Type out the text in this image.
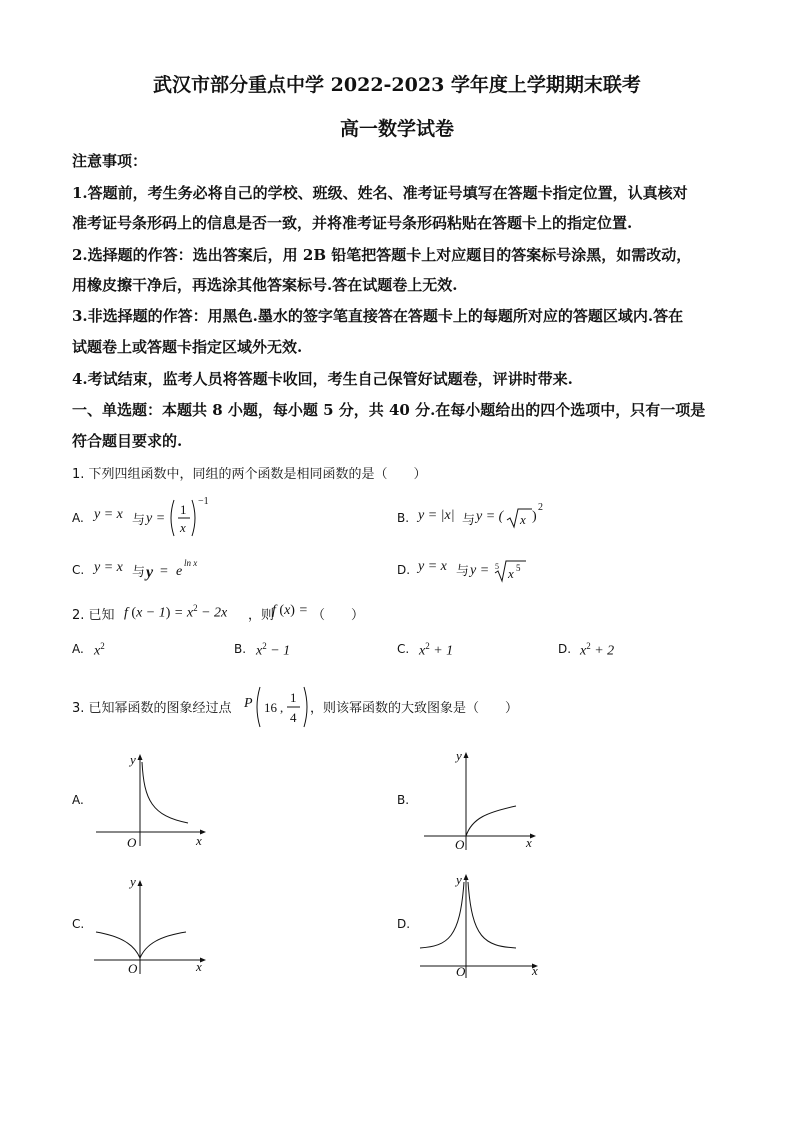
武汉市部分重点中学 2022-2023 学年度上学期期末联考
高一数学试卷
注意事项：
1.答题前，考生务必将自己的学校、班级、姓名、准考证号填写在答题卡指定位置，认真核对
准考证号条形码上的信息是否一致，并将准考证号条形码粘贴在答题卡上的指定位置.
2.选择题的作答：选出答案后，用 2B 铅笔把答题卡上对应题目的答案标号涂黑，如需改动，
用橡皮擦干净后，再选涂其他答案标号.答在试题卷上无效.
3.非选择题的作答：用黑色.墨水的签字笔直接答在答题卡上的每题所对应的答题区域内.答在
试题卷上或答题卡指定区域外无效.
4.考试结束，监考人员将答题卡收回，考生自己保管好试题卷，评讲时带来.
一、单选题：本题共 8 小题，每小题 5 分，共 40 分.在每小题给出的四个选项中，只有一项是
符合题目要求的.
1. 下列四组函数中，同组的两个函数是相同函数的是（　　）
A. y = x 与 y =
1
x
−1
B. y = |x| 与 y = ( x )
2
C. y = x 与 y = e
ln x	D. y = x 与 y = 5 x 5
2. 已知 f $(x - 1) = x^2 - 2x$ ，则
f (x) = （　　）
A. $x^2$	B. $x^2 - 1$	C. $x^2 + 1$	D. $x^2 + 2$
3. 已知幂函数的图象经过点 P 16 ,
1
4
，则该幂函数的大致图象是（　　）
A.
y
x
O
B.
y
x
O
C.
y
x
O
D.
y
x
O
